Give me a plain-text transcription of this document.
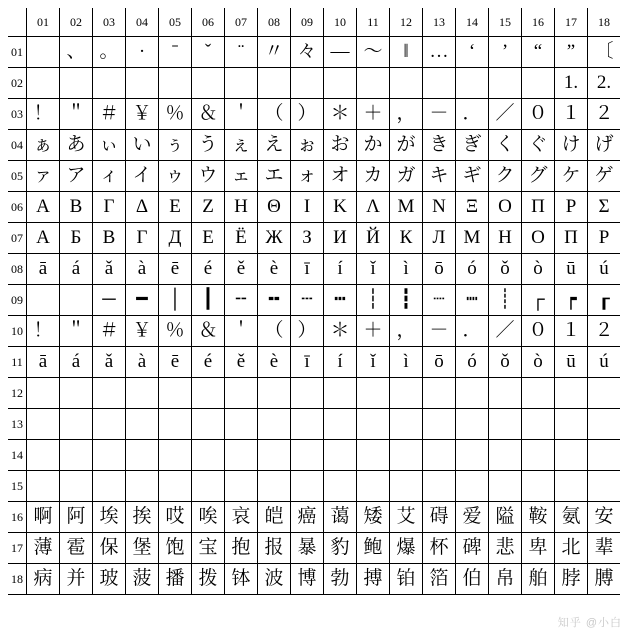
	01	02	03	04	05	06	07	08	09	10	11	12	13	14	15	16	17	18
01		、	。	·	ˉ	ˇ	¨	〃	々	—	～	‖	…	‘	’	“	”	〔
02																	1.	2.
03	！	＂	＃	￥	％	＆	＇	（	）	＊	＋	，	－	．	／	０	１	２
04	ぁ	あ	ぃ	い	ぅ	う	ぇ	え	ぉ	お	か	が	き	ぎ	く	ぐ	け	げ
05	ァ	ア	ィ	イ	ゥ	ウ	ェ	エ	ォ	オ	カ	ガ	キ	ギ	ク	グ	ケ	ゲ
06	Α	Β	Γ	Δ	Ε	Ζ	Η	Θ	Ι	Κ	Λ	Μ	Ν	Ξ	Ο	Π	Ρ	Σ
07	А	Б	В	Г	Д	Е	Ё	Ж	З	И	Й	К	Л	М	Н	О	П	Р
08	ā	á	ǎ	à	ē	é	ě	è	ī	í	ǐ	ì	ō	ó	ǒ	ò	ū	ú
09			─	━	│	┃	╌	╍	┄	┅	┆	┇	┈	┉	┊	┌	┍	┎
10	！	＂	＃	￥	％	＆	＇	（	）	＊	＋	，	－	．	／	０	１	２
11	ā	á	ǎ	à	ē	é	ě	è	ī	í	ǐ	ì	ō	ó	ǒ	ò	ū	ú
12																		
13																		
14																		
15																		
16	啊	阿	埃	挨	哎	唉	哀	皑	癌	蔼	矮	艾	碍	爱	隘	鞍	氨	安
17	薄	雹	保	堡	饱	宝	抱	报	暴	豹	鲍	爆	杯	碑	悲	卑	北	辈
18	病	并	玻	菠	播	拨	钵	波	博	勃	搏	铂	箔	伯	帛	舶	脖	膊
知乎 @小白
